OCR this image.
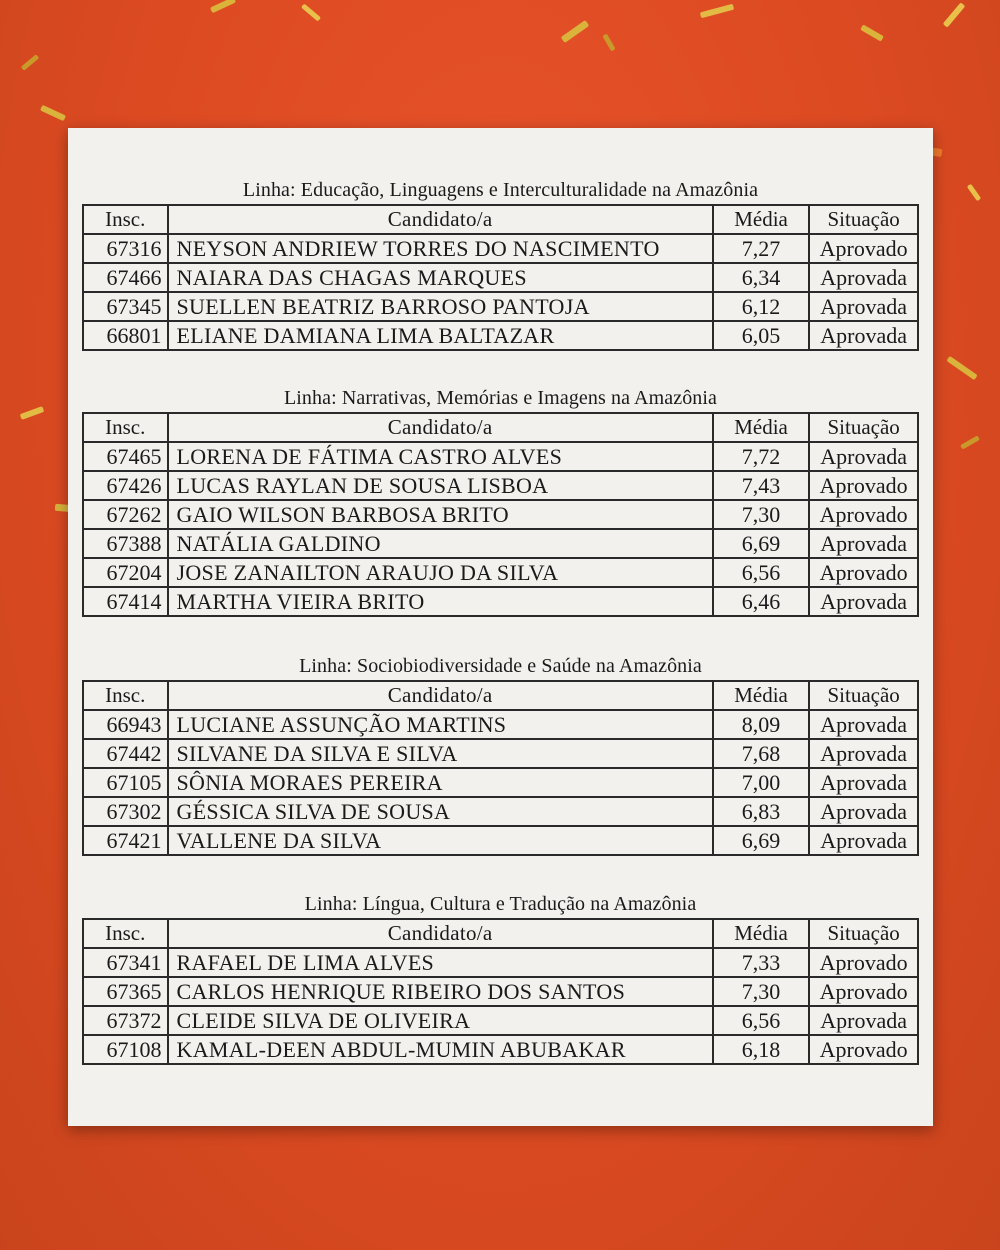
Linha: Educação, Linguagens e Interculturalidade na Amazônia
Insc.	Candidato/a	Média	Situação
67316	NEYSON ANDRIEW TORRES DO NASCIMENTO	7,27	Aprovado
67466	NAIARA DAS CHAGAS MARQUES	6,34	Aprovada
67345	SUELLEN BEATRIZ BARROSO PANTOJA	6,12	Aprovada
66801	ELIANE DAMIANA LIMA BALTAZAR	6,05	Aprovada
Linha: Narrativas, Memórias e Imagens na Amazônia
Insc.	Candidato/a	Média	Situação
67465	LORENA DE FÁTIMA CASTRO ALVES	7,72	Aprovada
67426	LUCAS RAYLAN DE SOUSA LISBOA	7,43	Aprovado
67262	GAIO WILSON BARBOSA BRITO	7,30	Aprovado
67388	NATÁLIA GALDINO	6,69	Aprovada
67204	JOSE ZANAILTON ARAUJO DA SILVA	6,56	Aprovado
67414	MARTHA VIEIRA BRITO	6,46	Aprovada
Linha: Sociobiodiversidade e Saúde na Amazônia
Insc.	Candidato/a	Média	Situação
66943	LUCIANE ASSUNÇÃO MARTINS	8,09	Aprovada
67442	SILVANE DA SILVA E SILVA	7,68	Aprovada
67105	SÔNIA MORAES PEREIRA	7,00	Aprovada
67302	GÉSSICA SILVA DE SOUSA	6,83	Aprovada
67421	VALLENE DA SILVA	6,69	Aprovada
Linha: Língua, Cultura e Tradução na Amazônia
Insc.	Candidato/a	Média	Situação
67341	RAFAEL DE LIMA ALVES	7,33	Aprovado
67365	CARLOS HENRIQUE RIBEIRO DOS SANTOS	7,30	Aprovado
67372	CLEIDE SILVA DE OLIVEIRA	6,56	Aprovada
67108	KAMAL-DEEN ABDUL-MUMIN ABUBAKAR	6,18	Aprovado
